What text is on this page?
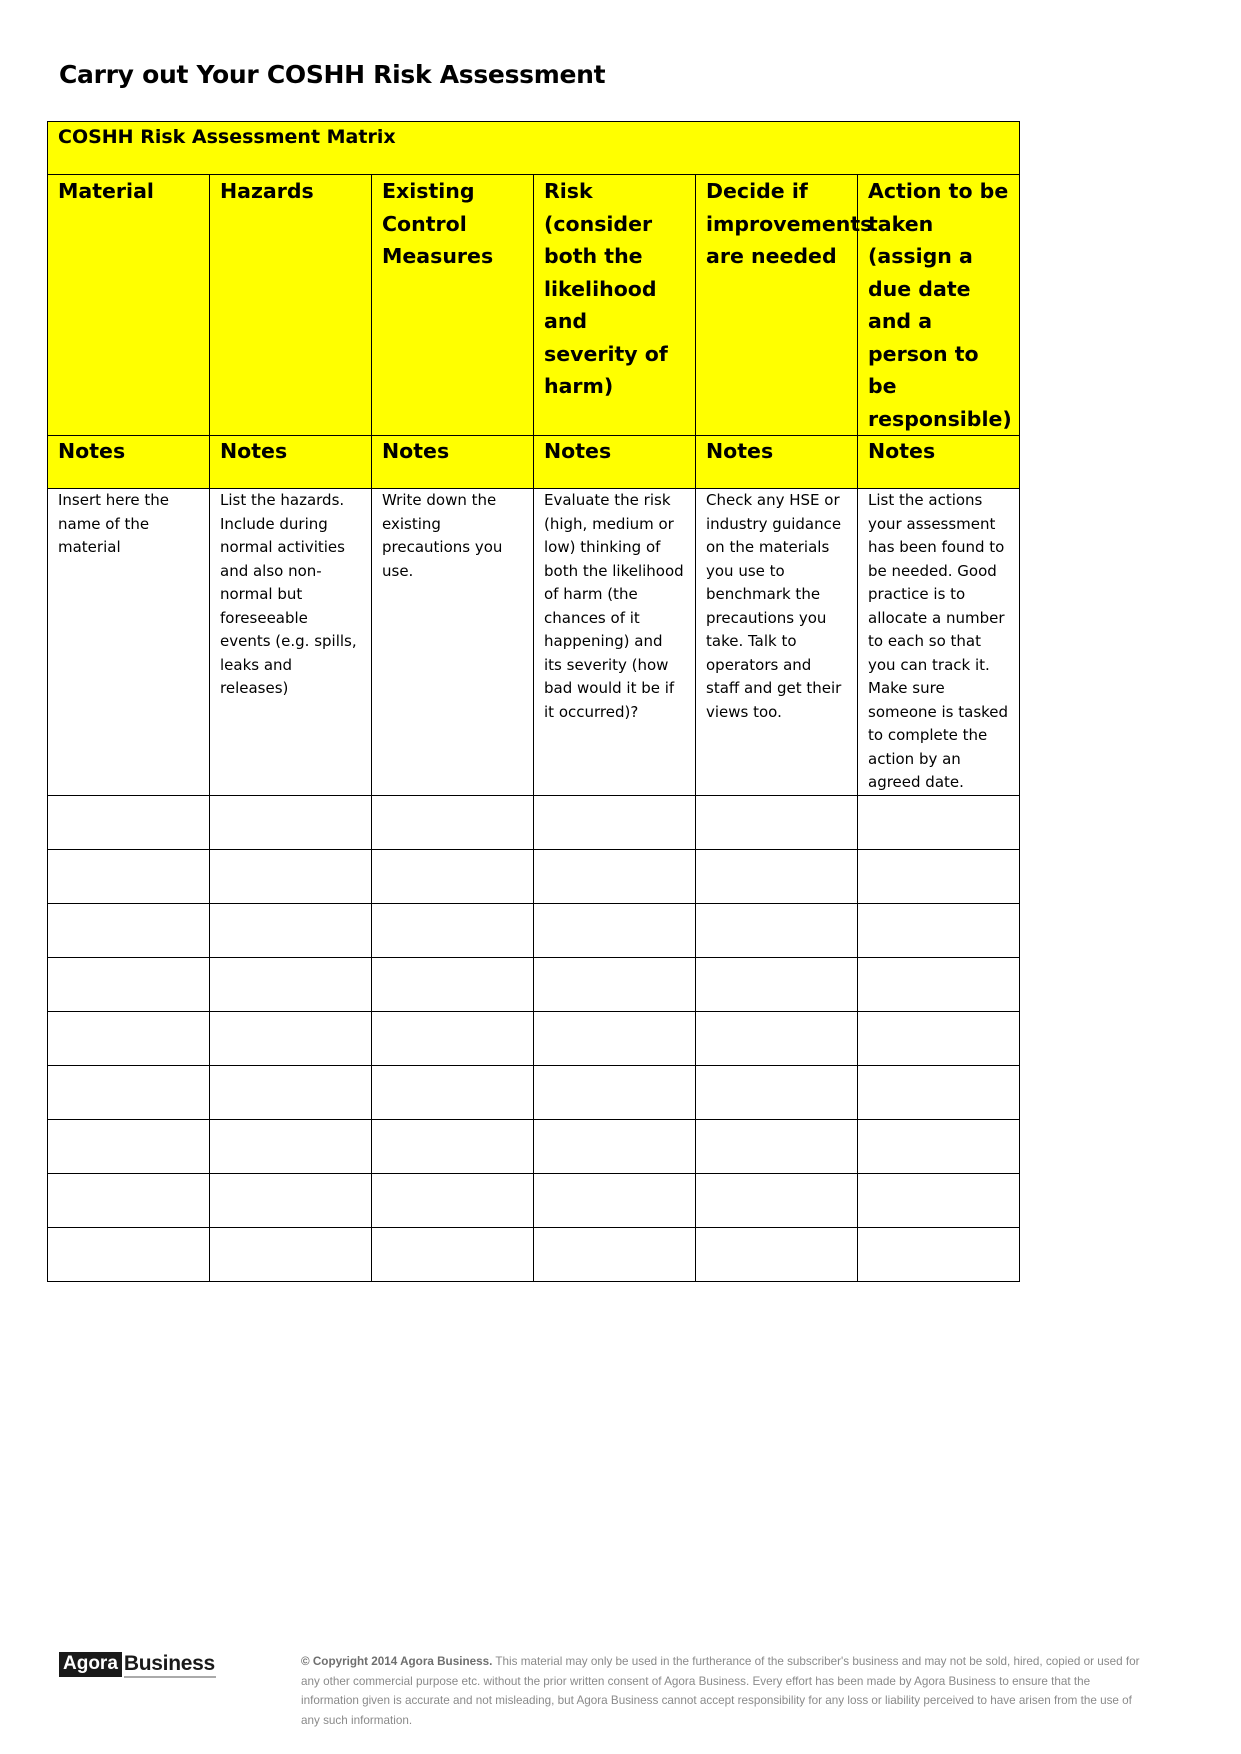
Carry out Your COSHH Risk Assessment
COSHH Risk Assessment Matrix					
Material	Hazards	Existing Control Measures	Risk (consider both the likelihood and severity of harm)	Decide if improvements are needed	Action to be taken (assign a due date and a person to be responsible)
Notes	Notes	Notes	Notes	Notes	Notes
Insert here the name of the material	List the hazards. Include during normal activities and also non-normal but foreseeable events (e.g. spills, leaks and releases)	Write down the existing precautions you use.	Evaluate the risk (high, medium or low) thinking of both the likelihood of harm (the chances of it happening) and its severity (how bad would it be if it occurred)?	Check any HSE or industry guidance on the materials you use to benchmark the precautions you take. Talk to operators and staff and get their views too.	List the actions your assessment has been found to be needed. Good practice is to allocate a number to each so that you can track it. Make sure someone is tasked to complete the action by an agreed date.

Agora Business	© Copyright 2014 Agora Business. This material may only be used in the furtherance of the subscriber's business and may not be sold, hired, copied or used for any other commercial purpose etc. without the prior written consent of Agora Business. Every effort has been made by Agora Business to ensure that the information given is accurate and not misleading, but Agora Business cannot accept responsibility for any loss or liability perceived to have arisen from the use of any such information.
